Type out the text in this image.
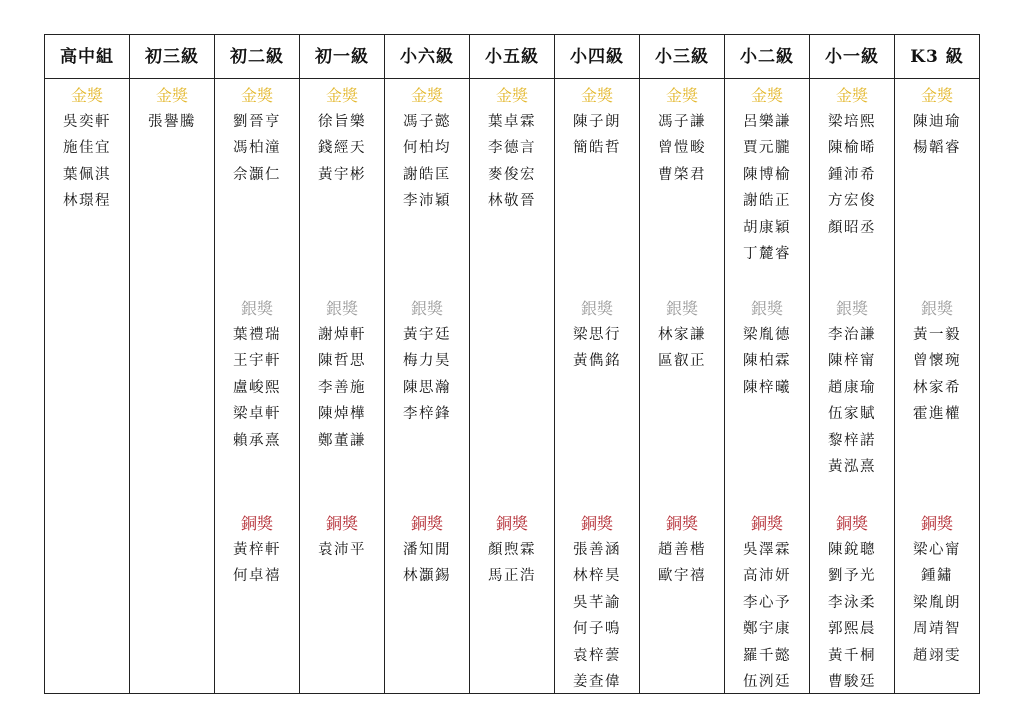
高中組
金獎
吳奕軒
施佳宜
葉佩淇
林璟程
初三級
金獎
張譽騰
初二級
金獎
劉晉亨
馮柏潼
佘灝仁
銀獎
葉禮瑞
王宇軒
盧峻熙
梁卓軒
賴承熹
銅獎
黃梓軒
何卓禧
初一級
金獎
徐旨樂
錢經天
黃宇彬
銀獎
謝焯軒
陳哲思
李善施
陳焯樺
鄭董謙
銅獎
袁沛平
小六級
金獎
馮子懿
何柏均
謝皓匡
李沛穎
銀獎
黃宇廷
梅力昊
陳思瀚
李梓鋒
銅獎
潘知閒
林灝錫
小五級
金獎
葉卓霖
李德言
麥俊宏
林敬晉
銅獎
顏煦霖
馬正浩
小四級
金獎
陳子朗
簡皓哲
銀獎
梁思行
黃儁銘
銅獎
張善涵
林梓昊
吳芊諭
何子鳴
袁梓蕓
姜查偉
小三級
金獎
馮子謙
曾愷畯
曹棨君
銀獎
林家謙
區叡正
銅獎
趙善楷
歐宇禧
小二級
金獎
呂樂謙
賈元朧
陳博榆
謝皓正
胡康穎
丁麓睿
銀獎
梁胤德
陳柏霖
陳梓曦
銅獎
吳澤霖
高沛妍
李心予
鄭宇康
羅千懿
伍洌廷
小一級
金獎
梁培熙
陳榆晞
鍾沛希
方宏俊
顏昭丞
銀獎
李治謙
陳梓甯
趙康瑜
伍家賦
黎梓諾
黃泓熹
銅獎
陳銳聰
劉予光
李泳柔
郭熙晨
黃千桐
曹駿廷
K3 級
金獎
陳迪瑜
楊韜睿
銀獎
黃一毅
曾懷琬
林家希
霍進權
銅獎
梁心甯
鍾鏽
梁胤朗
周靖智
趙翊雯
